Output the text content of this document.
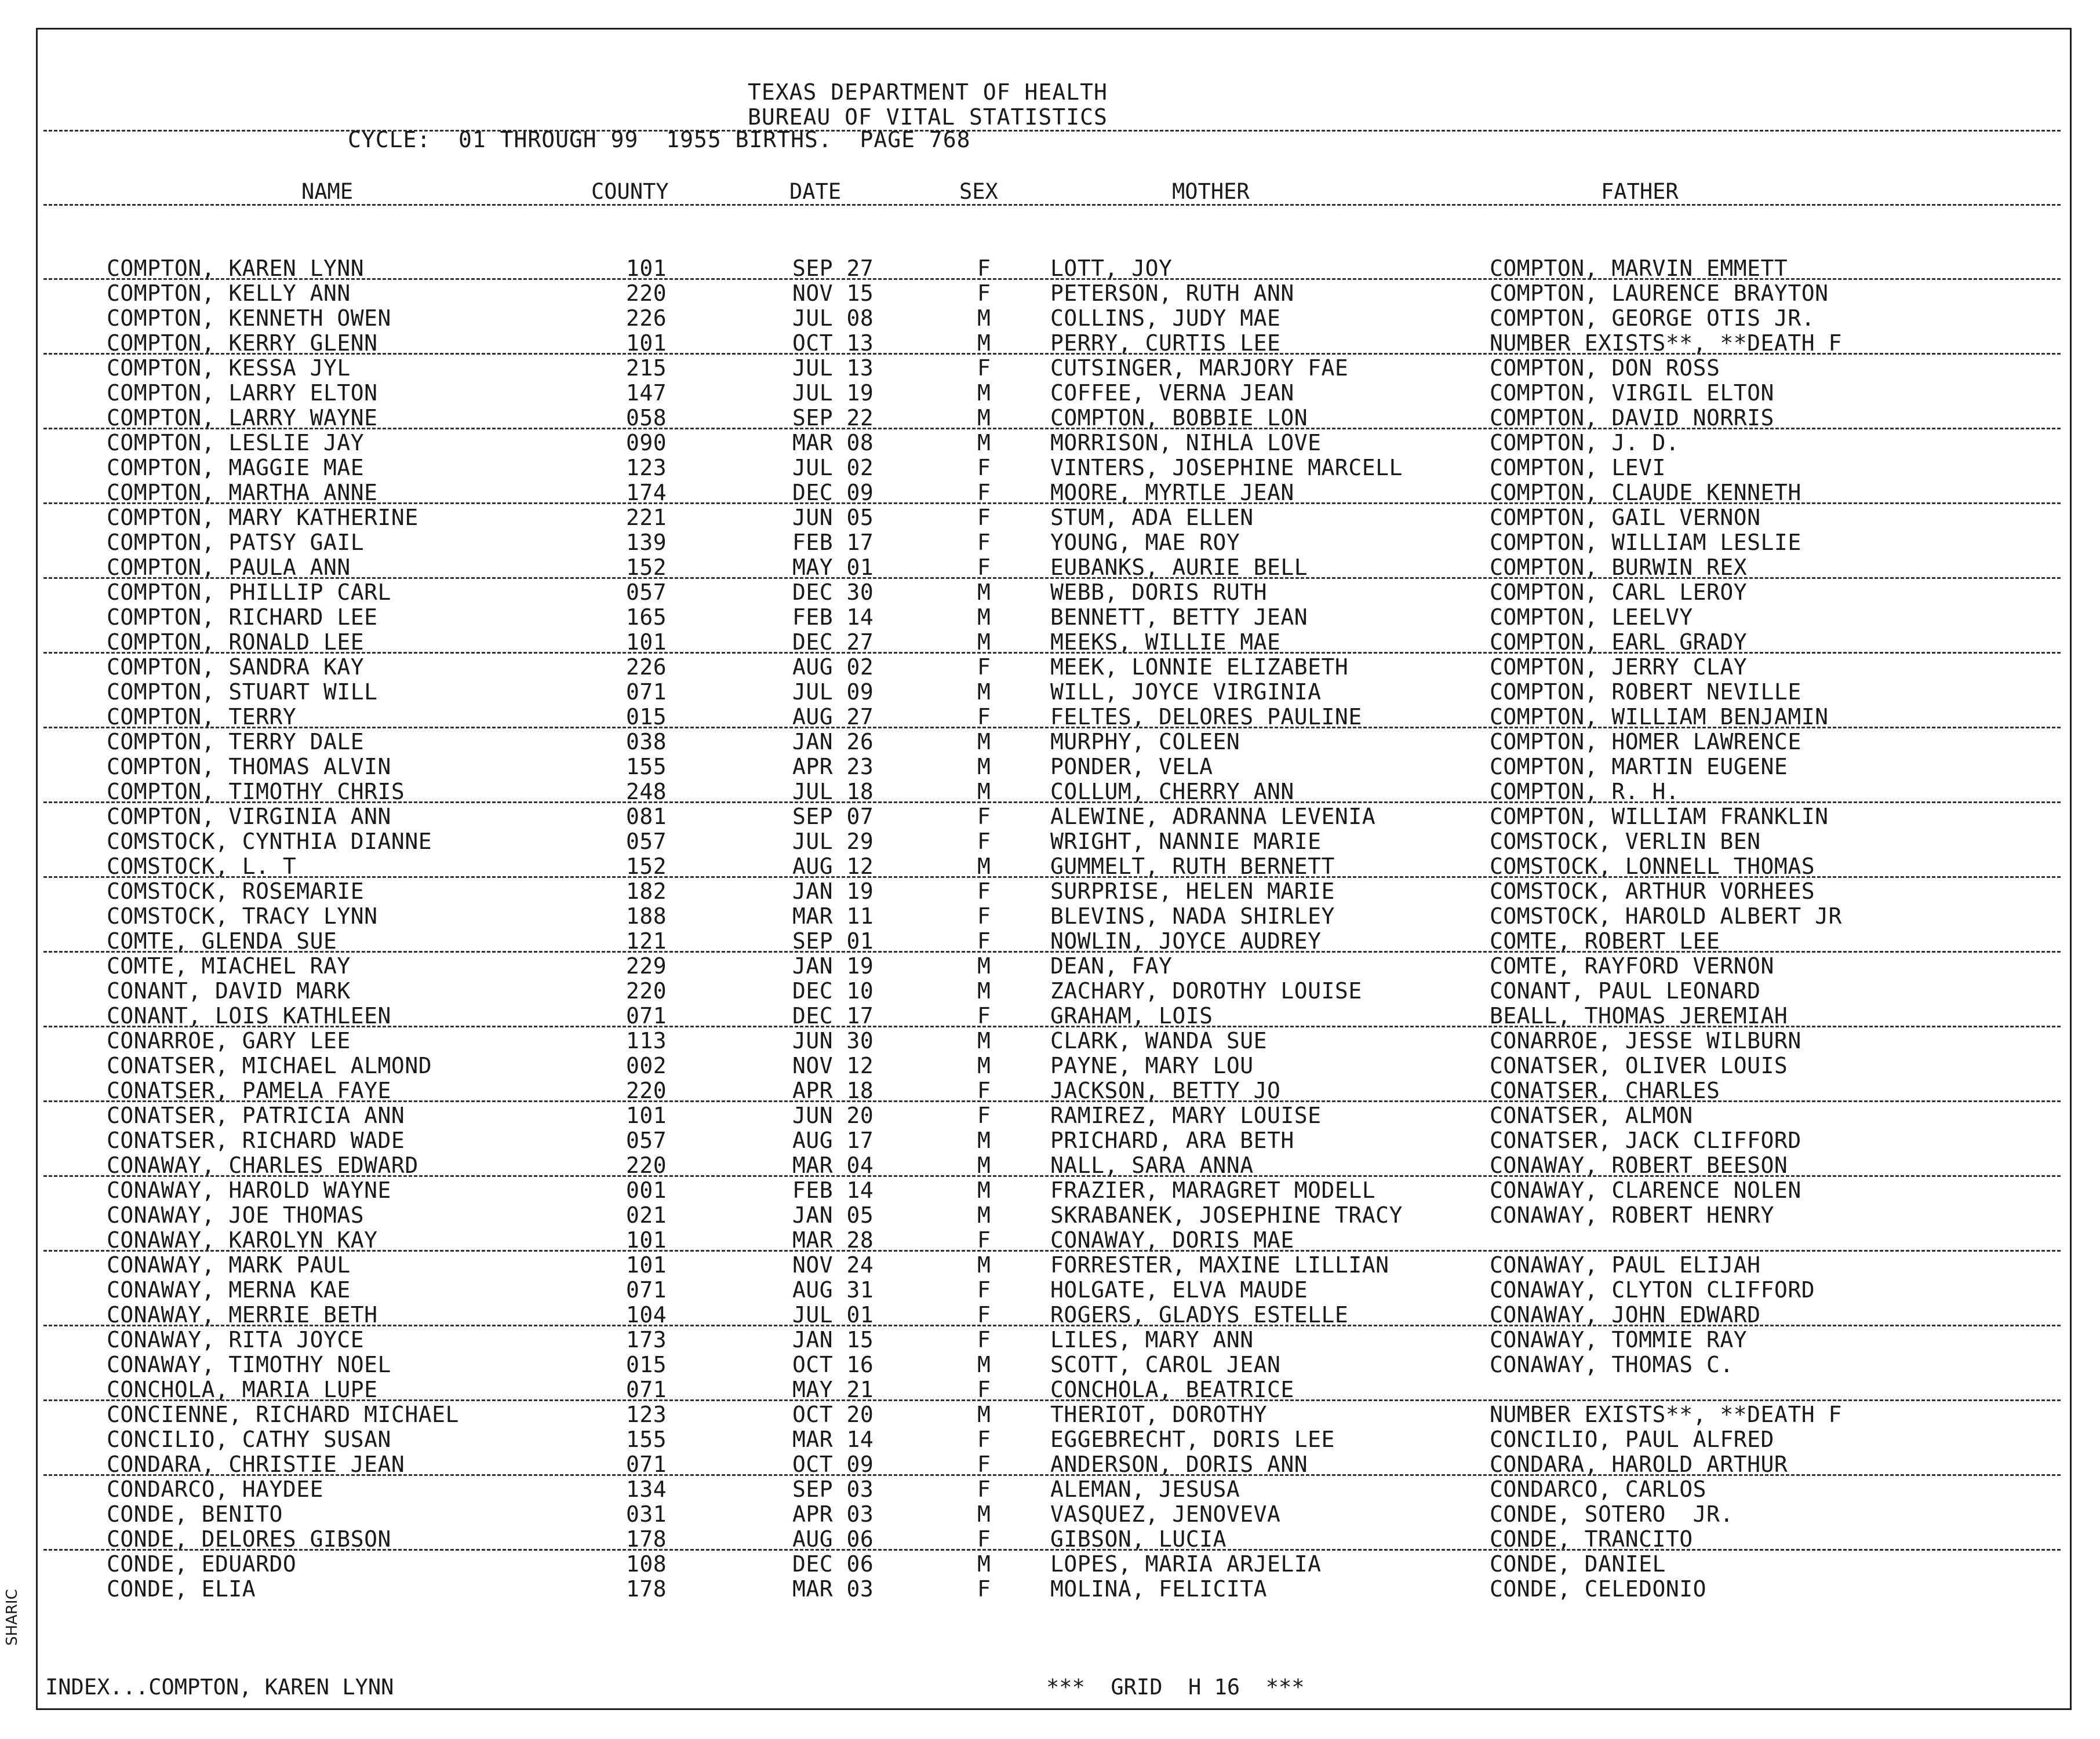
TEXAS DEPARTMENT OF HEALTH
BUREAU OF VITAL STATISTICS
CYCLE:  01 THROUGH 99  1955 BIRTHS.  PAGE 768
NAME	COUNTY	DATE	SEX	MOTHER	FATHER
COMPTON, KAREN LYNN	101	SEP 27	F	LOTT, JOY	COMPTON, MARVIN EMMETT
COMPTON, KELLY ANN	220	NOV 15	F	PETERSON, RUTH ANN	COMPTON, LAURENCE BRAYTON
COMPTON, KENNETH OWEN	226	JUL 08	M	COLLINS, JUDY MAE	COMPTON, GEORGE OTIS JR.
COMPTON, KERRY GLENN	101	OCT 13	M	PERRY, CURTIS LEE	NUMBER EXISTS**, **DEATH F
COMPTON, KESSA JYL	215	JUL 13	F	CUTSINGER, MARJORY FAE	COMPTON, DON ROSS
COMPTON, LARRY ELTON	147	JUL 19	M	COFFEE, VERNA JEAN	COMPTON, VIRGIL ELTON
COMPTON, LARRY WAYNE	058	SEP 22	M	COMPTON, BOBBIE LON	COMPTON, DAVID NORRIS
COMPTON, LESLIE JAY	090	MAR 08	M	MORRISON, NIHLA LOVE	COMPTON, J. D.
COMPTON, MAGGIE MAE	123	JUL 02	F	VINTERS, JOSEPHINE MARCELL	COMPTON, LEVI
COMPTON, MARTHA ANNE	174	DEC 09	F	MOORE, MYRTLE JEAN	COMPTON, CLAUDE KENNETH
COMPTON, MARY KATHERINE	221	JUN 05	F	STUM, ADA ELLEN	COMPTON, GAIL VERNON
COMPTON, PATSY GAIL	139	FEB 17	F	YOUNG, MAE ROY	COMPTON, WILLIAM LESLIE
COMPTON, PAULA ANN	152	MAY 01	F	EUBANKS, AURIE BELL	COMPTON, BURWIN REX
COMPTON, PHILLIP CARL	057	DEC 30	M	WEBB, DORIS RUTH	COMPTON, CARL LEROY
COMPTON, RICHARD LEE	165	FEB 14	M	BENNETT, BETTY JEAN	COMPTON, LEELVY
COMPTON, RONALD LEE	101	DEC 27	M	MEEKS, WILLIE MAE	COMPTON, EARL GRADY
COMPTON, SANDRA KAY	226	AUG 02	F	MEEK, LONNIE ELIZABETH	COMPTON, JERRY CLAY
COMPTON, STUART WILL	071	JUL 09	M	WILL, JOYCE VIRGINIA	COMPTON, ROBERT NEVILLE
COMPTON, TERRY	015	AUG 27	F	FELTES, DELORES PAULINE	COMPTON, WILLIAM BENJAMIN
COMPTON, TERRY DALE	038	JAN 26	M	MURPHY, COLEEN	COMPTON, HOMER LAWRENCE
COMPTON, THOMAS ALVIN	155	APR 23	M	PONDER, VELA	COMPTON, MARTIN EUGENE
COMPTON, TIMOTHY CHRIS	248	JUL 18	M	COLLUM, CHERRY ANN	COMPTON, R. H.
COMPTON, VIRGINIA ANN	081	SEP 07	F	ALEWINE, ADRANNA LEVENIA	COMPTON, WILLIAM FRANKLIN
COMSTOCK, CYNTHIA DIANNE	057	JUL 29	F	WRIGHT, NANNIE MARIE	COMSTOCK, VERLIN BEN
COMSTOCK, L. T	152	AUG 12	M	GUMMELT, RUTH BERNETT	COMSTOCK, LONNELL THOMAS
COMSTOCK, ROSEMARIE	182	JAN 19	F	SURPRISE, HELEN MARIE	COMSTOCK, ARTHUR VORHEES
COMSTOCK, TRACY LYNN	188	MAR 11	F	BLEVINS, NADA SHIRLEY	COMSTOCK, HAROLD ALBERT JR
COMTE, GLENDA SUE	121	SEP 01	F	NOWLIN, JOYCE AUDREY	COMTE, ROBERT LEE
COMTE, MIACHEL RAY	229	JAN 19	M	DEAN, FAY	COMTE, RAYFORD VERNON
CONANT, DAVID MARK	220	DEC 10	M	ZACHARY, DOROTHY LOUISE	CONANT, PAUL LEONARD
CONANT, LOIS KATHLEEN	071	DEC 17	F	GRAHAM, LOIS	BEALL, THOMAS JEREMIAH
CONARROE, GARY LEE	113	JUN 30	M	CLARK, WANDA SUE	CONARROE, JESSE WILBURN
CONATSER, MICHAEL ALMOND	002	NOV 12	M	PAYNE, MARY LOU	CONATSER, OLIVER LOUIS
CONATSER, PAMELA FAYE	220	APR 18	F	JACKSON, BETTY JO	CONATSER, CHARLES
CONATSER, PATRICIA ANN	101	JUN 20	F	RAMIREZ, MARY LOUISE	CONATSER, ALMON
CONATSER, RICHARD WADE	057	AUG 17	M	PRICHARD, ARA BETH	CONATSER, JACK CLIFFORD
CONAWAY, CHARLES EDWARD	220	MAR 04	M	NALL, SARA ANNA	CONAWAY, ROBERT BEESON
CONAWAY, HAROLD WAYNE	001	FEB 14	M	FRAZIER, MARAGRET MODELL	CONAWAY, CLARENCE NOLEN
CONAWAY, JOE THOMAS	021	JAN 05	M	SKRABANEK, JOSEPHINE TRACY	CONAWAY, ROBERT HENRY
CONAWAY, KAROLYN KAY	101	MAR 28	F	CONAWAY, DORIS MAE
CONAWAY, MARK PAUL	101	NOV 24	M	FORRESTER, MAXINE LILLIAN	CONAWAY, PAUL ELIJAH
CONAWAY, MERNA KAE	071	AUG 31	F	HOLGATE, ELVA MAUDE	CONAWAY, CLYTON CLIFFORD
CONAWAY, MERRIE BETH	104	JUL 01	F	ROGERS, GLADYS ESTELLE	CONAWAY, JOHN EDWARD
CONAWAY, RITA JOYCE	173	JAN 15	F	LILES, MARY ANN	CONAWAY, TOMMIE RAY
CONAWAY, TIMOTHY NOEL	015	OCT 16	M	SCOTT, CAROL JEAN	CONAWAY, THOMAS C.
CONCHOLA, MARIA LUPE	071	MAY 21	F	CONCHOLA, BEATRICE
CONCIENNE, RICHARD MICHAEL	123	OCT 20	M	THERIOT, DOROTHY	NUMBER EXISTS**, **DEATH F
CONCILIO, CATHY SUSAN	155	MAR 14	F	EGGEBRECHT, DORIS LEE	CONCILIO, PAUL ALFRED
CONDARA, CHRISTIE JEAN	071	OCT 09	F	ANDERSON, DORIS ANN	CONDARA, HAROLD ARTHUR
CONDARCO, HAYDEE	134	SEP 03	F	ALEMAN, JESUSA	CONDARCO, CARLOS
CONDE, BENITO	031	APR 03	M	VASQUEZ, JENOVEVA	CONDE, SOTERO  JR.
CONDE, DELORES GIBSON	178	AUG 06	F	GIBSON, LUCIA	CONDE, TRANCITO
CONDE, EDUARDO	108	DEC 06	M	LOPES, MARIA ARJELIA	CONDE, DANIEL
CONDE, ELIA	178	MAR 03	F	MOLINA, FELICITA	CONDE, CELEDONIO
INDEX...COMPTON, KAREN LYNN	***  GRID  H 16  ***
SHARIC
